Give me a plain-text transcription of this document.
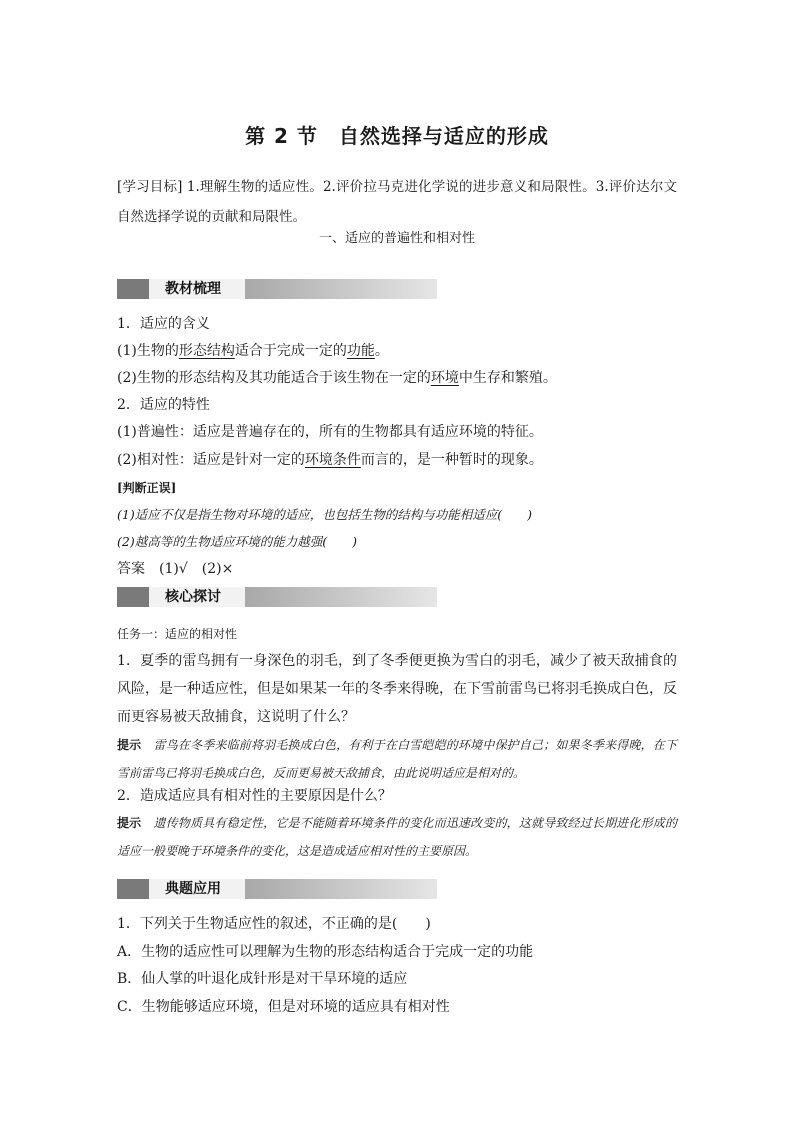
第 2 节　自然选择与适应的形成
[学习目标] 1.理解生物的适应性。2.评价拉马克进化学说的进步意义和局限性。3.评价达尔文自然选择学说的贡献和局限性。
一、适应的普遍性和相对性
教材梳理
1．适应的含义
(1)生物的形态结构适合于完成一定的功能。
(2)生物的形态结构及其功能适合于该生物在一定的环境中生存和繁殖。
2．适应的特性
(1)普遍性：适应是普遍存在的，所有的生物都具有适应环境的特征。
(2)相对性：适应是针对一定的环境条件而言的，是一种暂时的现象。
[判断正误]
(1)适应不仅是指生物对环境的适应，也包括生物的结构与功能相适应(　　)
(2)越高等的生物适应环境的能力越强(　　)
答案　(1)√　(2)×
核心探讨
任务一：适应的相对性
1．夏季的雷鸟拥有一身深色的羽毛，到了冬季便更换为雪白的羽毛，减少了被天敌捕食的风险，是一种适应性，但是如果某一年的冬季来得晚，在下雪前雷鸟已将羽毛换成白色，反而更容易被天敌捕食，这说明了什么？
提示　 雷鸟在冬季来临前将羽毛换成白色，有利于在白雪皑皑的环境中保护自己；如果冬季来得晚，在下雪前雷鸟已将羽毛换成白色，反而更易被天敌捕食，由此说明适应是相对的。
2．造成适应具有相对性的主要原因是什么？
提示　 遗传物质具有稳定性，它是不能随着环境条件的变化而迅速改变的，这就导致经过长期进化形成的适应一般要晚于环境条件的变化，这是造成适应相对性的主要原因。
典题应用
1．下列关于生物适应性的叙述，不正确的是(　　)
A．生物的适应性可以理解为生物的形态结构适合于完成一定的功能
B．仙人掌的叶退化成针形是对干旱环境的适应
C．生物能够适应环境，但是对环境的适应具有相对性
